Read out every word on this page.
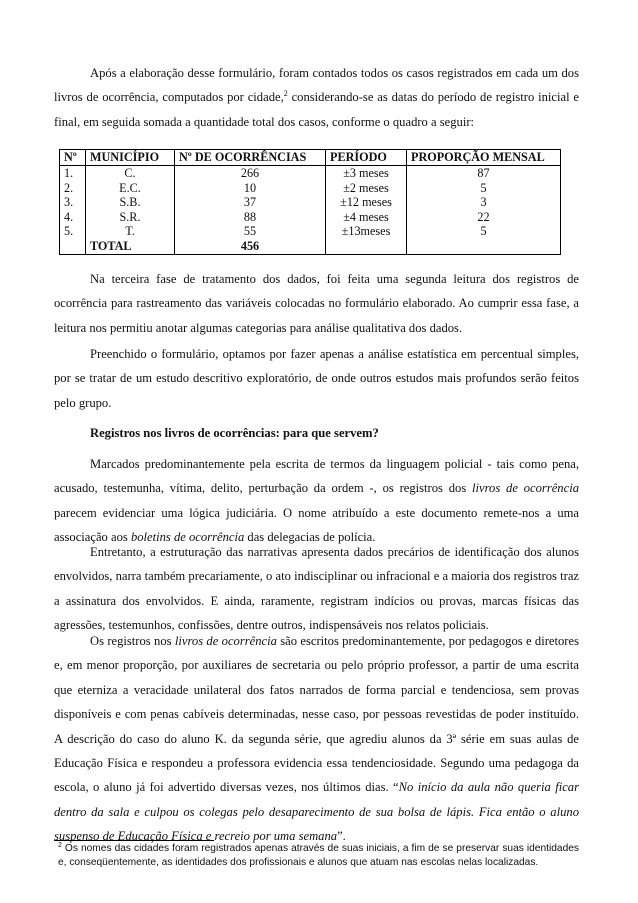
Após a elaboração desse formulário, foram contados todos os casos registrados em cada um dos livros de ocorrência, computados por cidade,$^2$ considerando-se as datas do período de registro inicial e final, em seguida somada a quantidade total dos casos, conforme o quadro a seguir:

Nº	MUNICÍPIO	Nº DE OCORRÊNCIAS	PERÍODO	PROPORÇÃO MENSAL
1.	C.	266	±3 meses	87
2.	E.C.	10	±2 meses	5
3.	S.B.	37	±12 meses	3
4.	S.R.	88	±4 meses	22
5.	T.	55	±13meses	5
	TOTAL	456		

Na terceira fase de tratamento dos dados, foi feita uma segunda leitura dos registros de ocorrência para rastreamento das variáveis colocadas no formulário elaborado. Ao cumprir essa fase, a leitura nos permitiu anotar algumas categorias para análise qualitativa dos dados.

Preenchido o formulário, optamos por fazer apenas a análise estatística em percentual simples, por se tratar de um estudo descritivo exploratório, de onde outros estudos mais profundos serão feitos pelo grupo.

Registros nos livros de ocorrências: para que servem?

Marcados predominantemente pela escrita de termos da linguagem policial - tais como pena, acusado, testemunha, vítima, delito, perturbação da ordem -, os registros dos livros de ocorrência parecem evidenciar uma lógica judiciária. O nome atribuído a este documento remete-nos a uma associação aos boletins de ocorrência das delegacias de polícia.

Entretanto, a estruturação das narrativas apresenta dados precários de identificação dos alunos envolvidos, narra também precariamente, o ato indisciplinar ou infracional e a maioria dos registros traz a assinatura dos envolvidos. E ainda, raramente, registram indícios ou provas, marcas físicas das agressões, testemunhos, confissões, dentre outros, indispensáveis nos relatos policiais.

Os registros nos livros de ocorrência são escritos predominantemente, por pedagogos e diretores e, em menor proporção, por auxiliares de secretaria ou pelo próprio professor, a partir de uma escrita que eterniza a veracidade unilateral dos fatos narrados de forma parcial e tendenciosa, sem provas disponíveis e com penas cabíveis determinadas, nesse caso, por pessoas revestidas de poder instituído. A descrição do caso do aluno K. da segunda série, que agrediu alunos da 3ª série em suas aulas de Educação Física e respondeu a professora evidencia essa tendenciosidade. Segundo uma pedagoga da escola, o aluno já foi advertido diversas vezes, nos últimos dias. “No início da aula não queria ficar dentro da sala e culpou os colegas pelo desaparecimento de sua bolsa de lápis. Fica então o aluno suspenso de Educação Física e recreio por uma semana”.

$^2$ Os nomes das cidades foram registrados apenas através de suas iniciais, a fim de se preservar suas identidades e, conseqüentemente, as identidades dos profissionais e alunos que atuam nas escolas nelas localizadas.
